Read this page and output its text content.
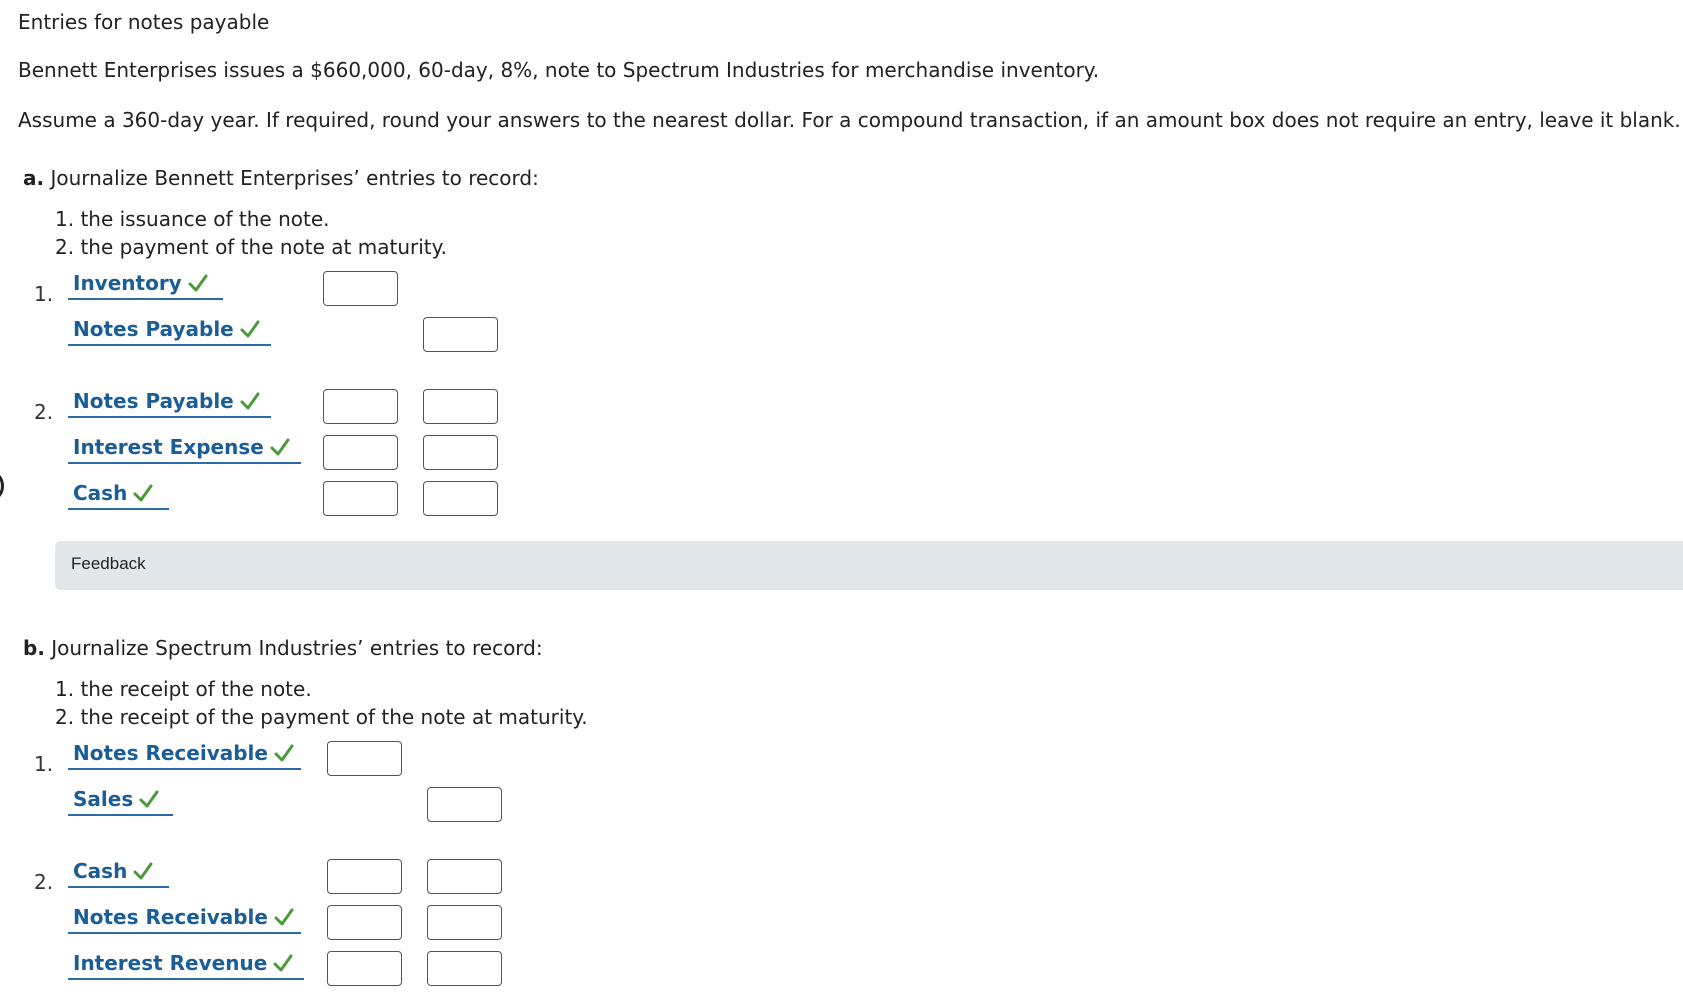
Entries for notes payable
Bennett Enterprises issues a $660,000, 60-day, 8%, note to Spectrum Industries for merchandise inventory.
Assume a 360-day year. If required, round your answers to the nearest dollar. For a compound transaction, if an amount box does not require an entry, leave it blank.
a. Journalize Bennett Enterprises’ entries to record:
1. the issuance of the note.
2. the payment of the note at maturity.
1. Inventory
Notes Payable
2. Notes Payable
Interest Expense
Cash
Feedback
b. Journalize Spectrum Industries’ entries to record:
1. the receipt of the note.
2. the receipt of the payment of the note at maturity.
1. Notes Receivable
Sales
2. Cash
Notes Receivable
Interest Revenue
